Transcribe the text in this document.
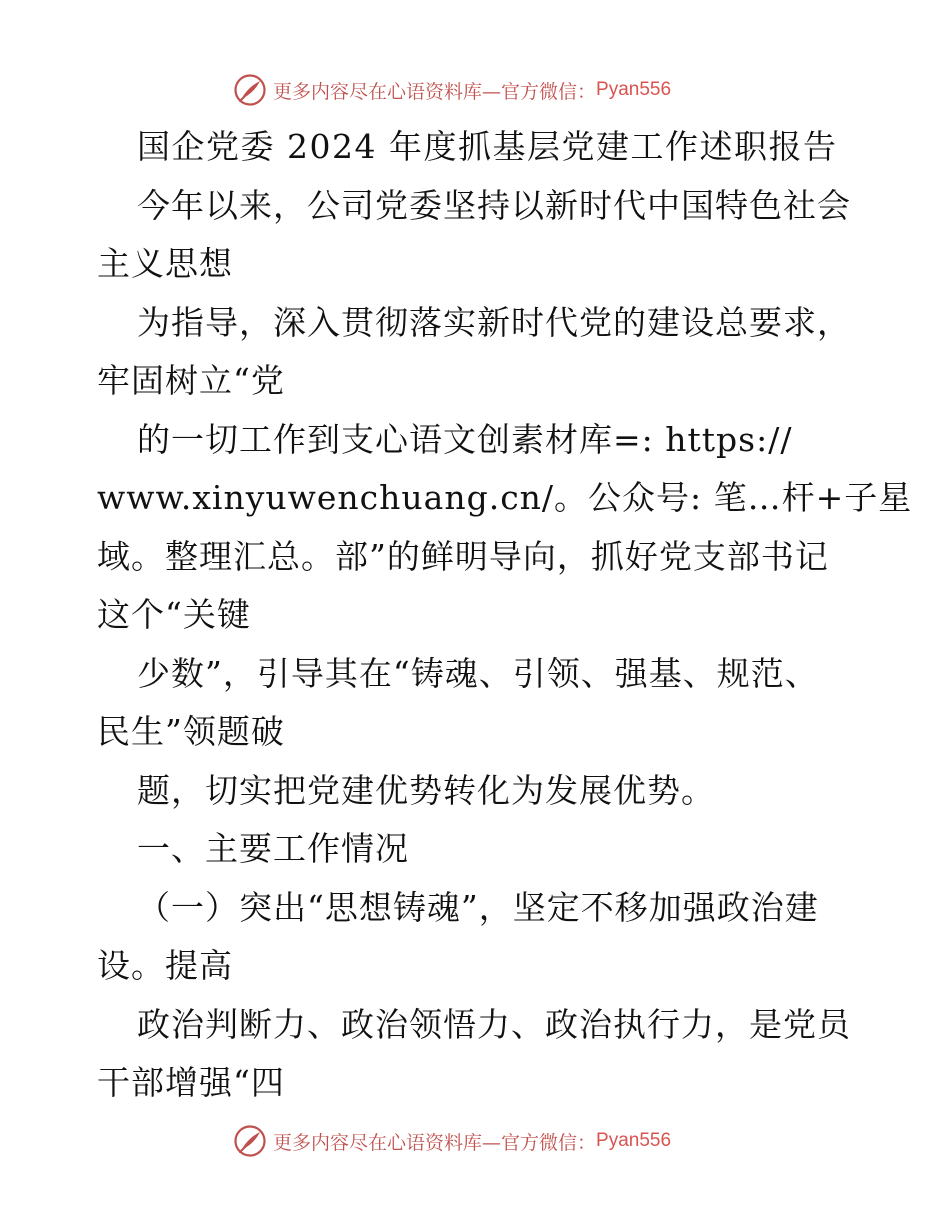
更多内容尽在心语资料库—官方微信： Pyan556
国企党委 2024 年度抓基层党建工作述职报告
今年以来，公司党委坚持以新时代中国特色社会
主义思想
为指导，深入贯彻落实新时代党的建设总要求，
牢固树立“党
的一切工作到支心语文创素材库=: https://
www.xinyuwenchuang.cn/。公众号: 笔…杆+子星
域。整理汇总。部”的鲜明导向，抓好党支部书记
这个“关键
少数”，引导其在“铸魂、引领、强基、规范、
民生”领题破
题，切实把党建优势转化为发展优势。
一、主要工作情况
（一）突出“思想铸魂”，坚定不移加强政治建
设。提高
政治判断力、政治领悟力、政治执行力，是党员
干部增强“四
更多内容尽在心语资料库—官方微信： Pyan556
